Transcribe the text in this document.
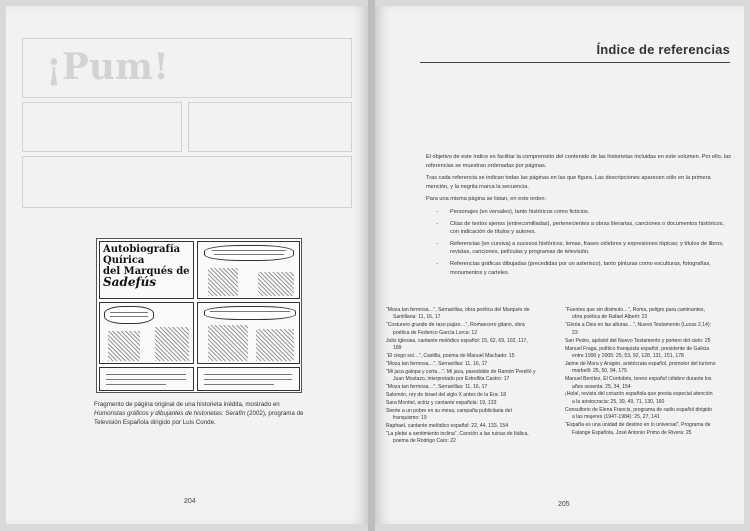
¡Pum!
Autobiografía Quírica
del Marqués de
Sadefús
Fragmento de página original de una historieta inédita, mostrado en Humoristas gráficos y dibujantes de historietas: Serafín (2002), programa de Televisión Española dirigido por Luis Conde.
204
Índice de referencias

El objetivo de este índice es facilitar la comprensión del contenido de las historietas incluidas en este volumen. Por ello, las referencias se muestran ordenadas por páginas.

Tras cada referencia se indican todas las páginas en las que figura. Las descripciones aparecen sólo en la primera mención, y la negrita marca la secuencia.

Para una misma página se listan, en este orden:

- Personajes (en versales), tanto históricos como ficticios.
- Citas de textos ajenos (entrecomilladas), pertenecientes a obras literarias, canciones o documentos históricos, con indicación de títulos y autores.
- Referencias (en cursiva) a sucesos históricos, lemas, frases célebres y expresiones tópicas; y títulos de libros, revistas, canciones, películas y programas de televisión.
- Referencias gráficas dibujadas (precedidas por un asterisco), tanto pinturas como esculturas, fotografías, monumentos y carteles.
“Moza tan fermosa…”, Serranillas, obra poética del Marqués de Santillana: 11, 16, 17
“Costurero grande de raso pajizo…”, Romancero gitano, obra poética de Federico García Lorca: 12
Julio Iglesias, cantante melódico español: 15, 62, 69, 102, 117, 189
“El ciego sol…”, Castilla, poema de Manuel Machado: 15
“Moza tan fermosa…”, Serranillas: 11, 16, 17
“Mi jaca galopa y corta…”, Mi jaca, pasodoble de Ramón Perelló y Juan Mostazo, interpretado por Estrellita Castro: 17
“Moza tan fermosa…”, Serranillas: 11, 16, 17
Salomón, rey de Israel del siglo X antes de la Era: 18
Sara Montiel, actriz y cantante española: 19, 133
Siente a un pobre en su mesa, campaña publicitaria del franquismo: 19
Raphael, cantante melódico español: 22, 44, 133, 154
“La plebe a sentimiento inclina”, Canción a las ruinas de Itálica, poema de Rodrigo Caro: 22
“Fuentes que sin disimulo…”, Roma, peligro para caminantes, obra poética de Rafael Alberti: 22
“Gloria a Dios en las alturas…”, Nuevo Testamento (Lucas 2,14): 23
San Pedro, apóstol del Nuevo Testamento y portero del cielo: 25
Manuel Fraga, político franquista español, presidente de Galicia entre 1990 y 2005: 25, 53, 92, 128, 131, 151, 178
Jaime de Mora y Aragón, aristócrata español, promotor del turismo marbellí: 25, 50, 94, 175
Manuel Benítez, El Cordobés, torero español célebre durante los años sesenta: 25, 34, 154
¡Hola!, revista del corazón española que presta especial atención a la aristocracia: 25, 39, 49, 71, 130, 160
Consultorio de Elena Francis, programa de radio español dirigido a las mujeres (1947-1984): 25, 27, 141
“España es una unidad de destino en lo universal”, Programa de Falange Española, José Antonio Primo de Rivera: 25
205
